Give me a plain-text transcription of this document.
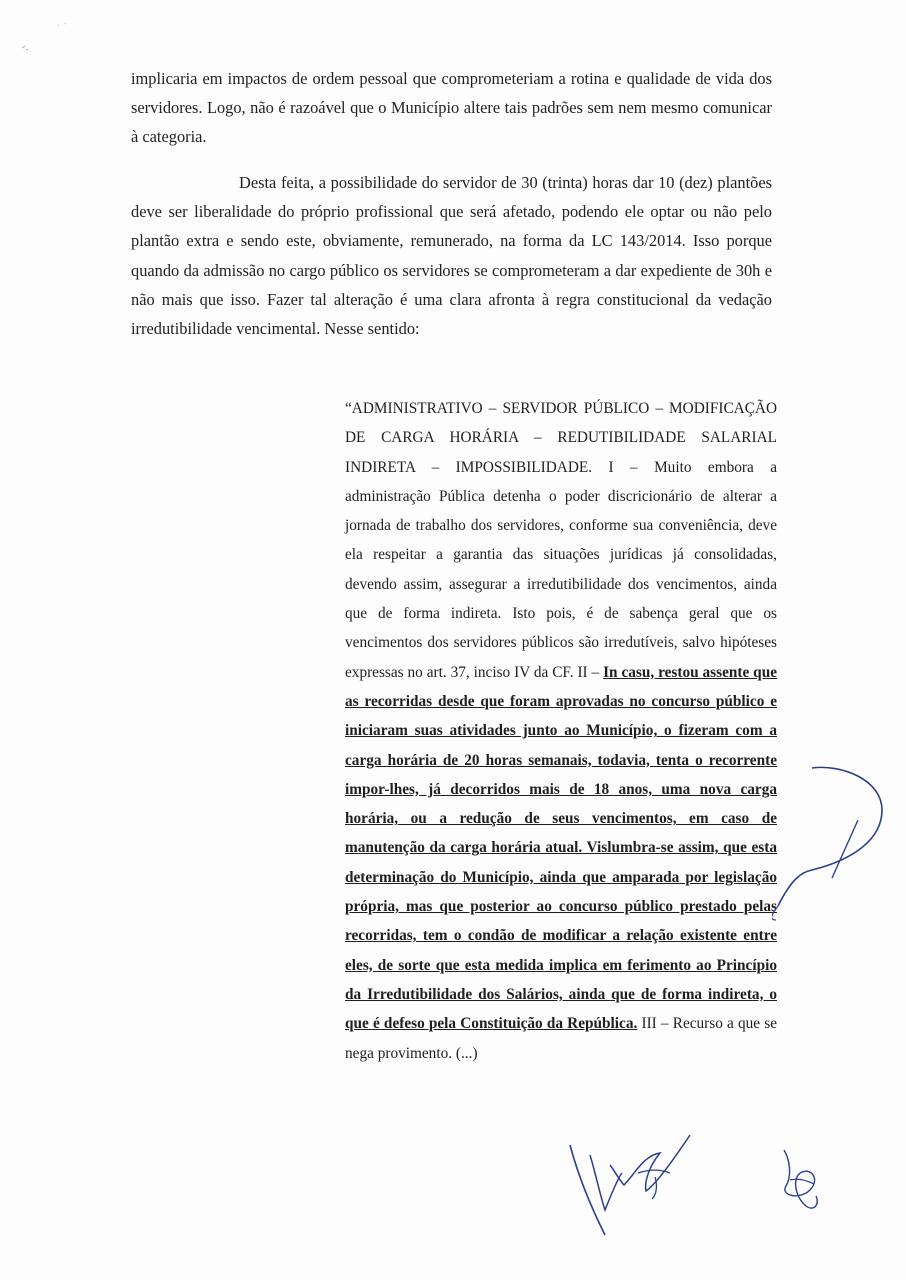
implicaria em impactos de ordem pessoal que comprometeriam a rotina e qualidade de vida dos servidores. Logo, não é razoável que o Município altere tais padrões sem nem mesmo comunicar à categoria.

Desta feita, a possibilidade do servidor de 30 (trinta) horas dar 10 (dez) plantões deve ser liberalidade do próprio profissional que será afetado, podendo ele optar ou não pelo plantão extra e sendo este, obviamente, remunerado, na forma da LC 143/2014. Isso porque quando da admissão no cargo público os servidores se comprometeram a dar expediente de 30h e não mais que isso. Fazer tal alteração é uma clara afronta à regra constitucional da vedação irredutibilidade vencimental. Nesse sentido:

“ADMINISTRATIVO – SERVIDOR PÚBLICO – MODIFICAÇÃO DE CARGA HORÁRIA – REDUTIBILIDADE SALARIAL INDIRETA – IMPOSSIBILIDADE. I – Muito embora a administração Pública detenha o poder discricionário de alterar a jornada de trabalho dos servidores, conforme sua conveniência, deve ela respeitar a garantia das situações jurídicas já consolidadas, devendo assim, assegurar a irredutibilidade dos vencimentos, ainda que de forma indireta. Isto pois, é de sabença geral que os vencimentos dos servidores públicos são irredutíveis, salvo hipóteses expressas no art. 37, inciso IV da CF. II – In casu, restou assente que as recorridas desde que foram aprovadas no concurso público e iniciaram suas atividades junto ao Município, o fizeram com a carga horária de 20 horas semanais, todavia, tenta o recorrente impor-lhes, já decorridos mais de 18 anos, uma nova carga horária, ou a redução de seus vencimentos, em caso de manutenção da carga horária atual. Vislumbra-se assim, que esta determinação do Município, ainda que amparada por legislação própria, mas que posterior ao concurso público prestado pelas recorridas, tem o condão de modificar a relação existente entre eles, de sorte que esta medida implica em ferimento ao Princípio da Irredutibilidade dos Salários, ainda que de forma indireta, o que é defeso pela Constituição da República. III – Recurso a que se nega provimento. (...)
